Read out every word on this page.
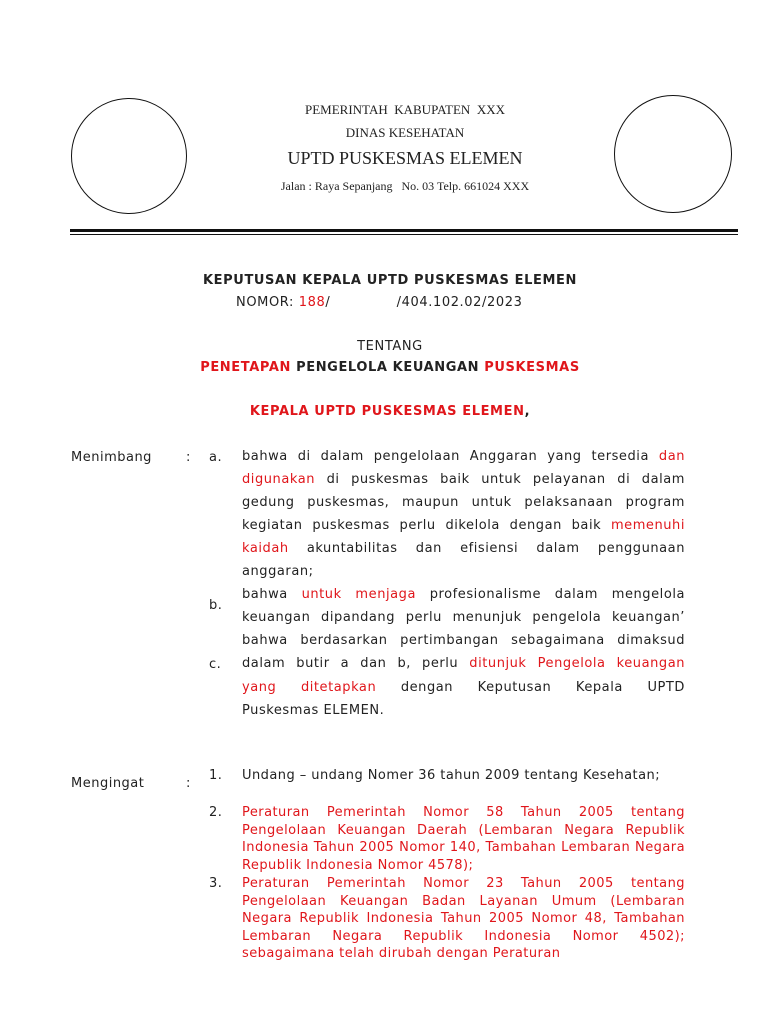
PEMERINTAH  KABUPATEN  XXX
DINAS KESEHATAN
UPTD PUSKESMAS ELEMEN
Jalan : Raya Sepanjang   No. 03 Telp. 661024 XXX
KEPUTUSAN KEPALA UPTD PUSKESMAS ELEMEN
NOMOR: 188/              /404.102.02/2023
TENTANG
PENETAPAN PENGELOLA KEUANGAN PUSKESMAS
KEPALA UPTD PUSKESMAS ELEMEN,
Menimbang	: a. bahwa di dalam pengelolaan Anggaran yang tersedia dan
digunakan di puskesmas baik untuk pelayanan di dalam
gedung puskesmas, maupun untuk pelaksanaan program
kegiatan puskesmas perlu dikelola dengan baik memenuhi
kaidah akuntabilitas dan efisiensi dalam penggunaan
anggaran;
b.
bahwa untuk menjaga profesionalisme dalam mengelola
keuangan dipandang perlu menunjuk pengelola keuangan’
c.
bahwa berdasarkan pertimbangan sebagaimana dimaksud
dalam butir a dan b, perlu ditunjuk Pengelola keuangan
yang ditetapkan dengan Keputusan Kepala UPTD
Puskesmas ELEMEN.
Mengingat	:
1. Undang – undang Nomer 36 tahun 2009 tentang Kesehatan;
2. Peraturan Pemerintah Nomor 58 Tahun 2005 tentang Pengelolaan Keuangan Daerah (Lembaran Negara Republik Indonesia Tahun 2005 Nomor 140, Tambahan Lembaran Negara Republik Indonesia Nomor 4578);
3. Peraturan Pemerintah Nomor 23 Tahun 2005 tentang Pengelolaan Keuangan Badan Layanan Umum (Lembaran Negara Republik Indonesia Tahun 2005 Nomor 48, Tambahan Lembaran Negara Republik Indonesia Nomor 4502); sebagaimana telah dirubah dengan Peraturan
